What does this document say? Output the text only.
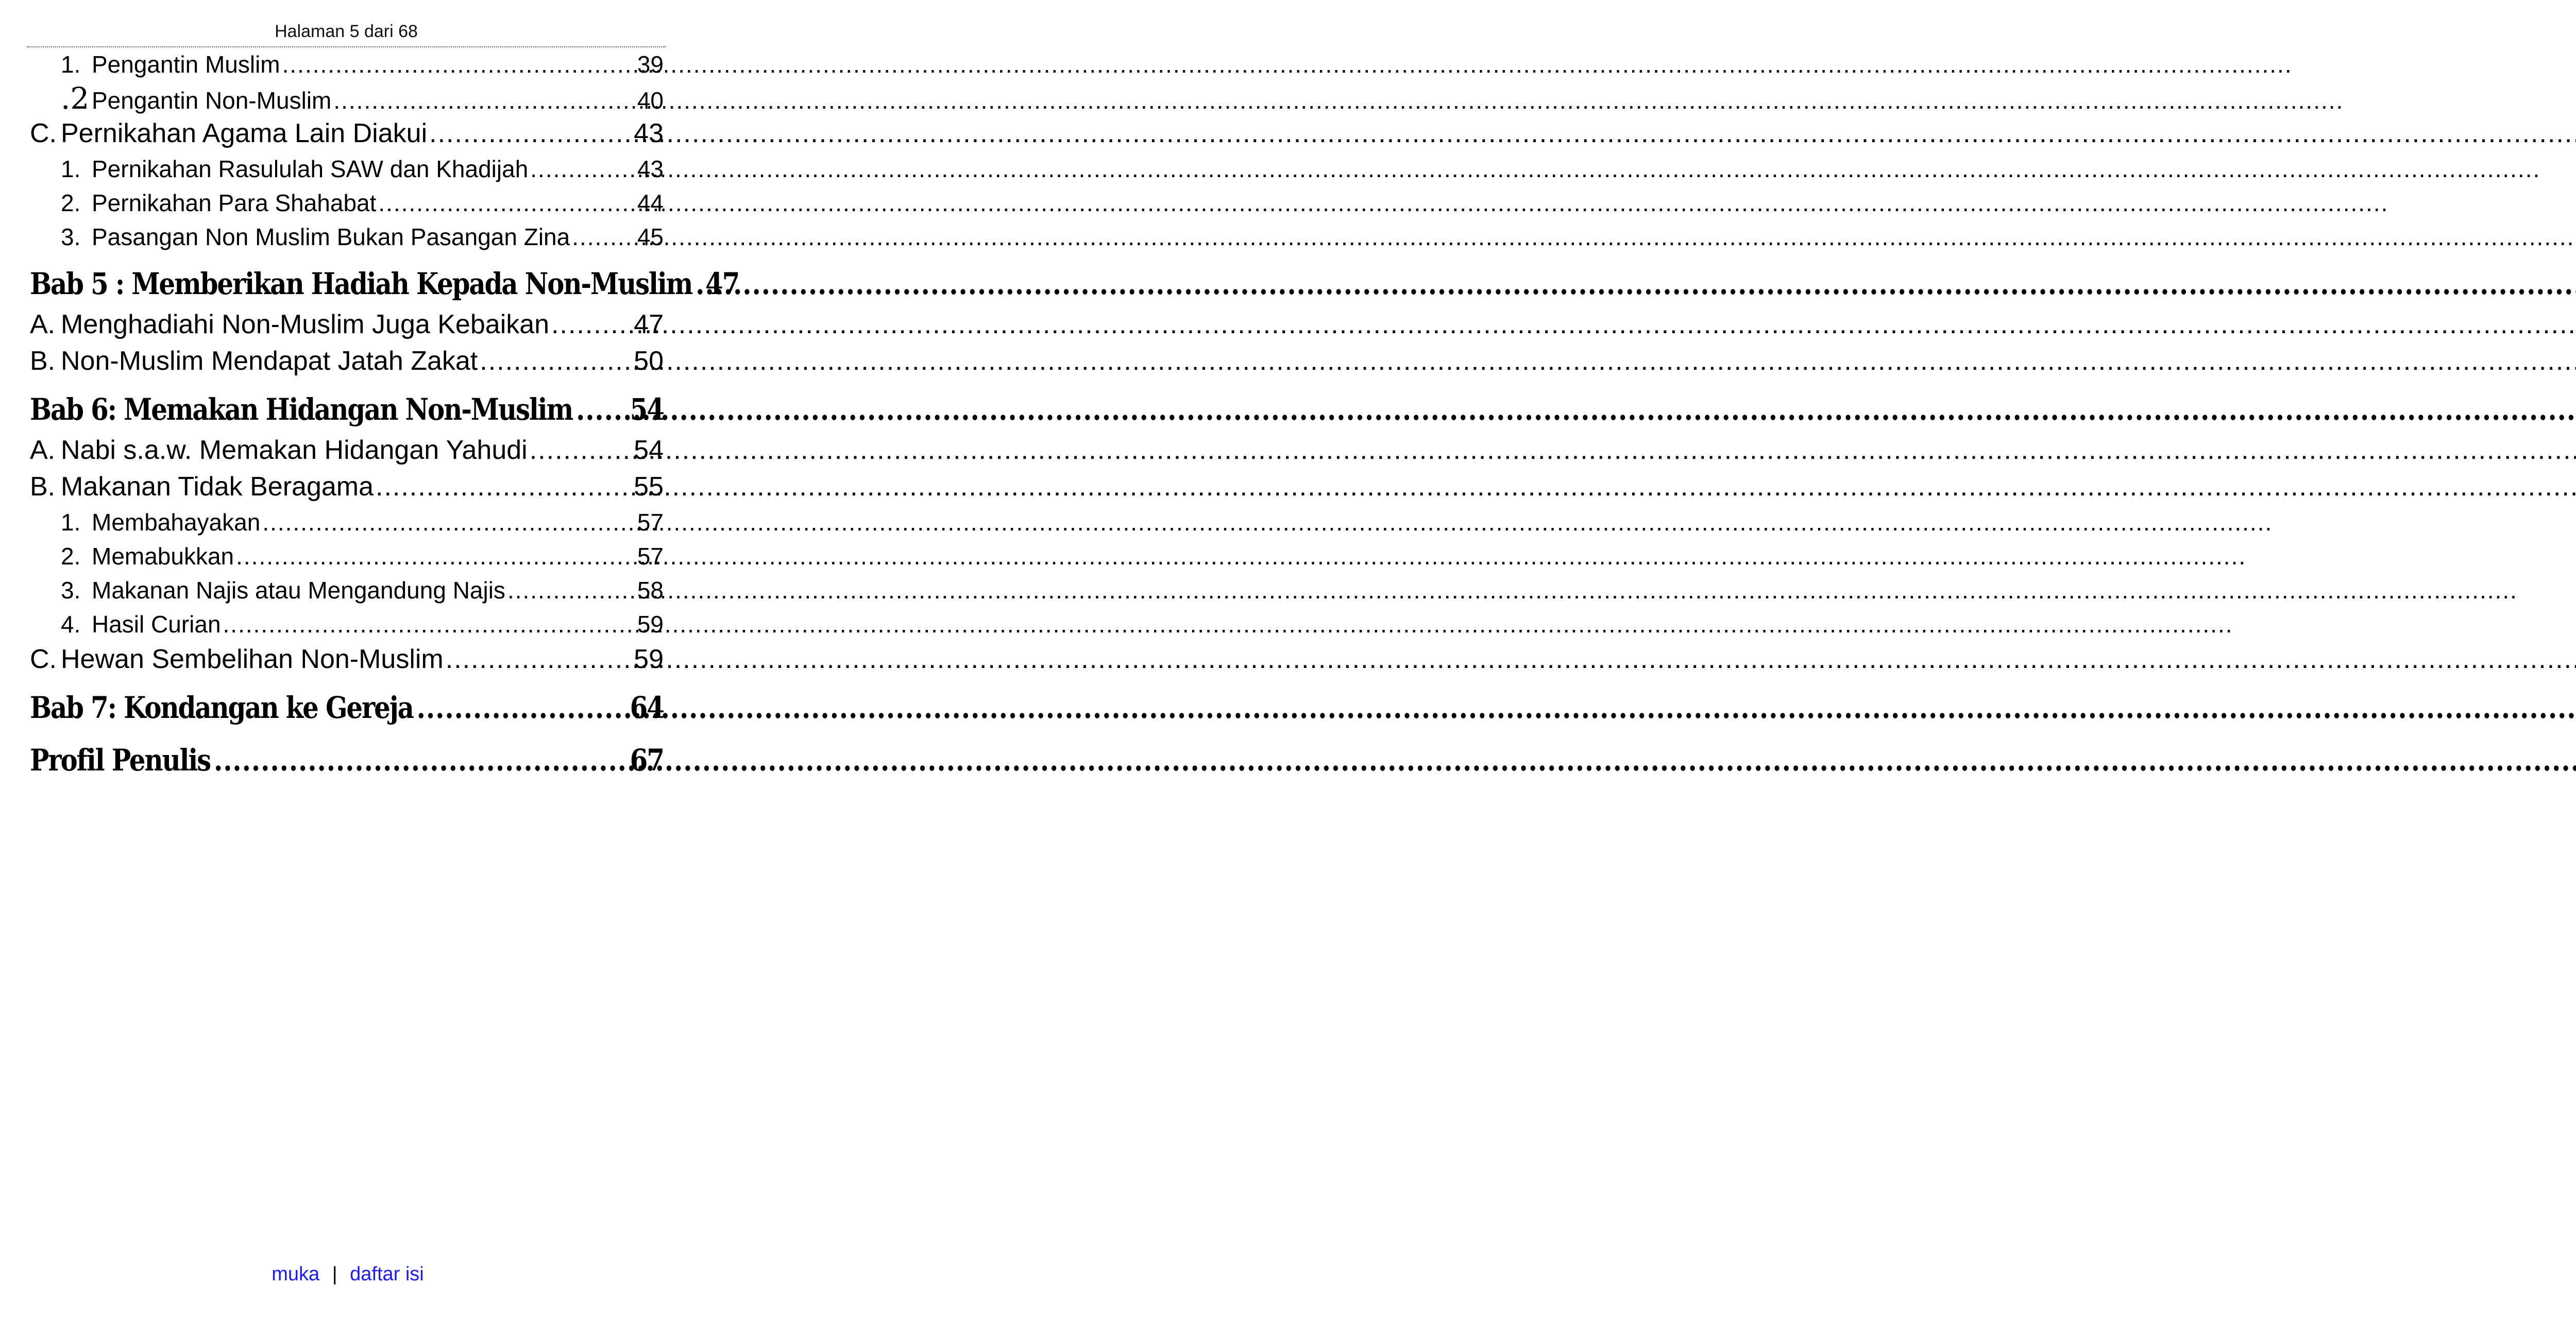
Halaman 5 dari 68
1. Pengantin Muslim .....	39
.2 Pengantin Non-Muslim .....	40
C. Pernikahan Agama Lain Diakui .....	43
1. Pernikahan Rasululah SAW dan Khadijah .....	43
2. Pernikahan Para Shahabat .....	44
3. Pasangan Non Muslim Bukan Pasangan Zina .....	45
Bab 5 : Memberikan Hadiah Kepada Non-Muslim ..... 47
A. Menghadiahi Non-Muslim Juga Kebaikan .....	47
B. Non-Muslim Mendapat Jatah Zakat .....	50
Bab 6: Memakan Hidangan Non-Muslim ..... 54
A. Nabi s.a.w. Memakan Hidangan Yahudi .....	54
B. Makanan Tidak Beragama .....	55
1. Membahayakan .....	57
2. Memabukkan .....	57
3. Makanan Najis atau Mengandung Najis .....	58
4. Hasil Curian .....	59
C. Hewan Sembelihan Non-Muslim .....	59
Bab 7: Kondangan ke Gereja .....	64
Profil Penulis .....	67
muka | daftar isi
